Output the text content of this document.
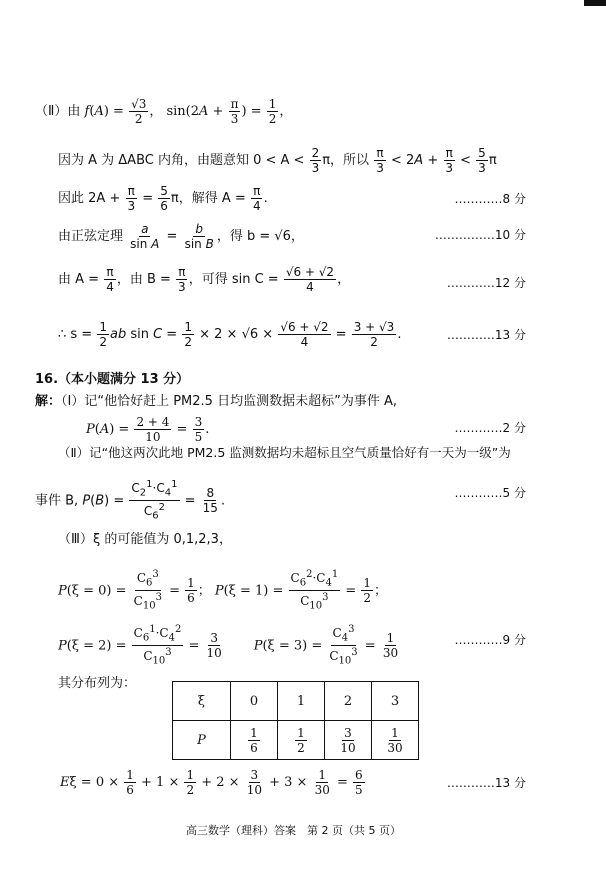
（Ⅱ）由 $f(A) = \frac{√3}{2}$ ， $\sin(2A + \frac{\pi}{3}$ ) = $\frac{1}{2}$ ，
因为 A 为 ΔABC 内角，由题意知 $0 < A < \frac{2}{3}$ π，所以 $\frac{\pi}{3} < 2A + \frac{\pi}{3} < \frac{5}{3}$ π
因此 $2A + \frac{\pi}{3} = \frac{5}{6}$ π，解得 $A = \frac{\pi}{4}$ .	…………8 分
由正弦定理 $\frac{a}{\text{sin A}} = \frac{b}{\text{sin B}}$ ，得 b = √6，	……………10 分
由 $A = \frac{\pi}{4}$ ，由 $B = \frac{\pi}{3}$ ，可得 $\sin C = \frac{√6 + √2}{4}$ ，	…………12 分
∴ $s = \frac{1}{2}$ ab $\sin C = \frac{1}{2} \times 2 \times √6 \times \frac{√6 + √2}{4} = \frac{3 + √3}{2}$ .	…………13 分
16.（本小题满分 13 分）
解：（Ⅰ）记“他恰好赶上 PM2.5 日均监测数据未超标”为事件 A,
$P(A) = \frac{2 + 4}{10} = \frac{3}{5}$ .	…………2 分
（Ⅱ）记“他这两次此地 PM2.5 监测数据均未超标且空气质量恰好有一天为一级”为
事件 B, $P(B) = \frac{C_2^1\cdot C_4^1}{C_6^2} = \frac{8}{15}$ .
…………5 分
（Ⅲ）ξ 的可能值为 0,1,2,3，
$P(\xi = 0) = \frac{C_6^3}{C_{10}^3} = \frac{1}{6}$ ； $P(\xi = 1) = \frac{C_6^2\cdot C_4^1}{C_{10}^3} = \frac{1}{2}$ ；
$P(\xi = 2) = \frac{C_6^1\cdot C_4^2}{C_{10}^3} = \frac{3}{10} P(\xi = 3) = \frac{C_4^3}{C_{10}^3} = \frac{1}{30}$	…………9 分
其分布列为：
ξ	0	1	2	3
P	$\frac{1}{6}$	$\frac{1}{2}$	$\frac{3}{10}$	$\frac{1}{30}$
$E\xi = 0 \times \frac{1}{6} + 1 \times \frac{1}{2} + 2 \times \frac{3}{10} + 3 \times \frac{1}{30} = \frac{6}{5}$	…………13 分
高三数学（理科）答案　第 2 页（共 5 页）
